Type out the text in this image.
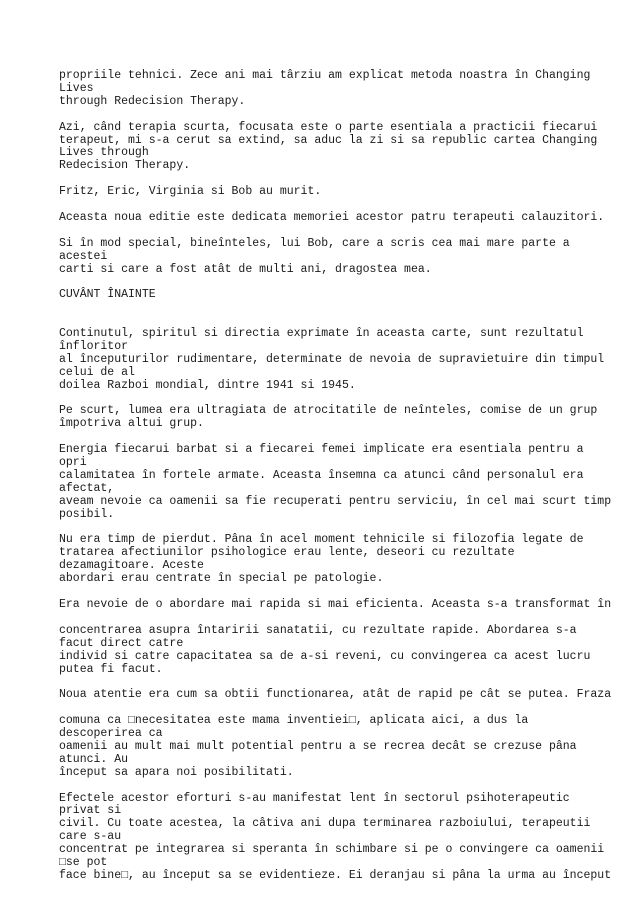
propriile tehnici. Zece ani mai târziu am explicat metoda noastra în Changing
Lives
through Redecision Therapy.
Azi, când terapia scurta, focusata este o parte esentiala a practicii fiecarui
terapeut, mi s-a cerut sa extind, sa aduc la zi si sa republic cartea Changing
Lives through
Redecision Therapy.
Fritz, Eric, Virginia si Bob au murit.
Aceasta noua editie este dedicata memoriei acestor patru terapeuti calauzitori.
Si în mod special, bineînteles, lui Bob, care a scris cea mai mare parte a
acestei
carti si care a fost atât de multi ani, dragostea mea.
CUVÂNT ÎNAINTE
Continutul, spiritul si directia exprimate în aceasta carte, sunt rezultatul
înfloritor
al începuturilor rudimentare, determinate de nevoia de supravietuire din timpul
celui de al
doilea Razboi mondial, dintre 1941 si 1945.
Pe scurt, lumea era ultragiata de atrocitatile de neînteles, comise de un grup
împotriva altui grup.
Energia fiecarui barbat si a fiecarei femei implicate era esentiala pentru a
opri
calamitatea în fortele armate. Aceasta însemna ca atunci când personalul era
afectat,
aveam nevoie ca oamenii sa fie recuperati pentru serviciu, în cel mai scurt timp
posibil.
Nu era timp de pierdut. Pâna în acel moment tehnicile si filozofia legate de
tratarea afectiunilor psihologice erau lente, deseori cu rezultate
dezamagitoare. Aceste
abordari erau centrate în special pe patologie.
Era nevoie de o abordare mai rapida si mai eficienta. Aceasta s-a transformat în

concentrarea asupra întaririi sanatatii, cu rezultate rapide. Abordarea s-a
facut direct catre
individ si catre capacitatea sa de a-si reveni, cu convingerea ca acest lucru
putea fi facut.
Noua atentie era cum sa obtii functionarea, atât de rapid pe cât se putea. Fraza

comuna ca □necesitatea este mama inventiei□, aplicata aici, a dus la
descoperirea ca
oamenii au mult mai mult potential pentru a se recrea decât se crezuse pâna
atunci. Au
început sa apara noi posibilitati.
Efectele acestor eforturi s-au manifestat lent în sectorul psihoterapeutic
privat si
civil. Cu toate acestea, la câtiva ani dupa terminarea razboiului, terapeutii
care s-au
concentrat pe integrarea si speranta în schimbare si pe o convingere ca oamenii
□se pot
face bine□, au început sa se evidentieze. Ei deranjau si pâna la urma au început
